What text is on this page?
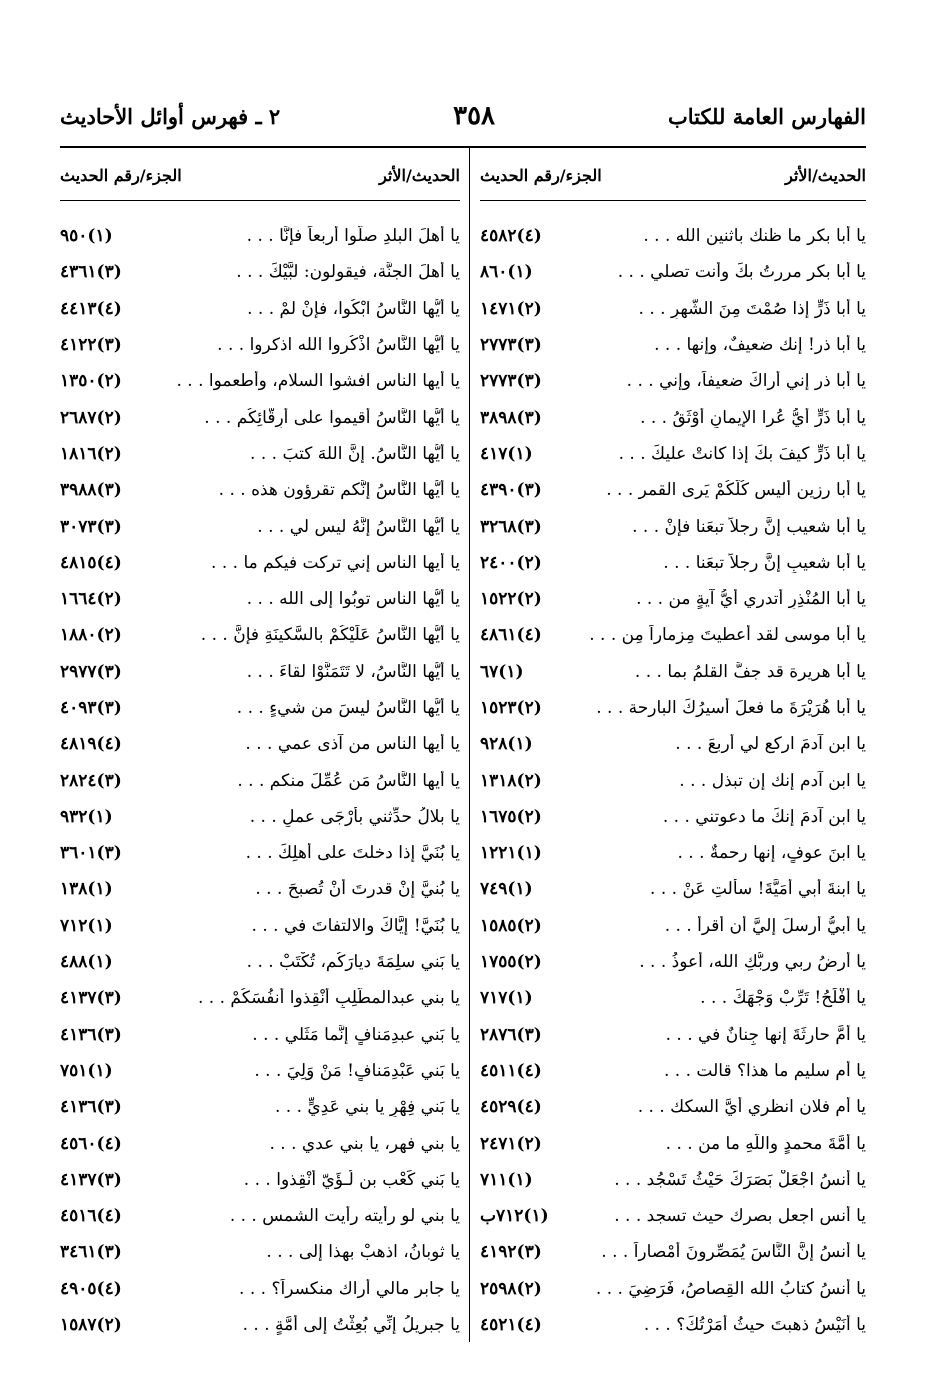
الفهارس العامة للكتاب
٣٥٨
٢ ـ فهرس أوائل الأحاديث
الحديث/الأثر
الجزء/رقم الحديث
يا أبا بكر ما ظنك باثنين الله . . .
(٤)٤٥٨٢
يا أبا بكر مررتُ بكَ وأنت تصلي . . .
(١)٨٦٠
يا أبا ذَرٍّ إذا صُمْتَ مِنَ الشَّهرِ . . .
(٢)١٤٧١
يا أبا ذر! إنك ضعيفٌ، وإنها . . .
(٣)٢٧٧٣
يا أبا ذر إني أراكَ ضعيفاً، وإني . . .
(٣)٢٧٧٣
يا أبا ذَرٍّ أيُّ عُرا الإيمانِ أَوْثَقُ . . .
(٣)٣٨٩٨
يا أبا ذَرٍّ كيفَ بكَ إذا كانتْ عليكَ . . .
(١)٤١٧
يا أبا رزين أليس كُلُّكُمْ يَرى القمر . . .
(٣)٤٣٩٠
يا أبا شعيب إنَّ رجلاً تبعَنا فإنْ . . .
(٣)٣٢٦٨
يا أبا شعيبِ إنَّ رجلاً تبعَنا . . .
(٢)٢٤٠٠
يا أبا المُنْذِرِ أتدري أيُّ آيةٍ من . . .
(٢)١٥٢٢
يا أبا موسى لقد أعطيتَ مِزماراً مِن . . .
(٤)٤٨٦١
يا أبا هريرة قد جفَّ القلمُ بما . . .
(١)٦٧
يا أبا هُرَيْرَةَ ما فعلَ أسيرُكَ البارحة . . .
(٢)١٥٢٣
يا ابن آدمَ اركع لي أربعَ . . .
(١)٩٢٨
يا ابن آدم إنك إن تبذل . . .
(٢)١٣١٨
يا ابن آدمَ إنكَ ما دعوتني . . .
(٢)١٦٧٥
يا ابنَ عوفٍ، إنها رحمةٌ . . .
(١)١٢٢١
يا ابنةَ أبي أُمَيَّةَ! سألتِ عَنْ . . .
(١)٧٤٩
يا أُبيُّ أُرسلَ إليَّ أن أقرأ . . .
(٢)١٥٨٥
يا أرضُ ربي وربُّكِ الله، أعوذُ . . .
(٢)١٧٥٥
يا أَفْلَحُ! تَرِّبْ وَجْهَكَ . . .
(١)٧١٧
يا أُمَّ حارثَةَ إنها جِنانٌ في . . .
(٣)٢٨٧٦
يا أم سليم ما هذا؟ قالت . . .
(٤)٤٥١١
يا أم فلان انظري أيَّ السكك . . .
(٤)٤٥٢٩
يا أُمَّةَ محمدٍ واللّهِ ما من . . .
(٢)٢٤٧١
يا أَنسُ اجْعَلْ بَصَرَكَ حَيْثُ تَسْجُد . . .
(١)٧١١
يا أنس اجعل بصرك حيث تسجد . . .
(١)٧١٢ب
يا أنسُ إنَّ النَّاسَ يُمَصِّرونَ أمْصاراً . . .
(٣)٤١٩٢
يا أنسُ كتابُ الله القِصاصُ، فَرَضِيَ . . .
(٢)٢٥٩٨
يا أُنَيْسُ ذهبتَ حيثُ أمَرْتُكَ؟ . . .
(٤)٤٥٢١
الحديث/الأثر
الجزء/رقم الحديث
يا أهلَ البلدِ صلُّوا أربعاً فإنَّا . . .
(١)٩٥٠
يا أهلَ الجنَّة، فيقولون: لبَّيْكَ . . .
(٣)٤٣٦١
يا أيُّها النَّاسُ ابْكُوا، فإنْ لمْ . . .
(٤)٤٤١٣
يا أيُّها النَّاسُ اذْكُروا الله اذكروا . . .
(٣)٤١٢٢
يا أيها الناس افشوا السلام، وأطعموا . . .
(٢)١٣٥٠
يا أيُّها النَّاسُ أقيموا على أَرِقَّائِكُم . . .
(٢)٢٦٨٧
يا أيُّها النَّاسُ. إنَّ اللهَ كتبَ . . .
(٢)١٨١٦
يا أيُّها النَّاسُ إنَّكم تقرؤون هذه . . .
(٣)٣٩٨٨
يا أيُّها النَّاسُ إنَّهُ ليس لي . . .
(٣)٣٠٧٣
يا أيها الناس إني تركت فيكم ما . . .
(٤)٤٨١٥
يا أيُّها الناس توبُوا إلى الله . . .
(٢)١٦٦٤
يا أيُّها النَّاسُ عَلَيْكُمْ بالسَّكينَةِ فإنَّ . . .
(٢)١٨٨٠
يا أيُّها النَّاسُ، لا تَتَمَنَّوْا لقاءَ . . .
(٣)٢٩٧٧
يا أيُّها النَّاسُ ليسَ من شيءٍ . . .
(٣)٤٠٩٣
يا أيها الناس من آذى عمي . . .
(٤)٤٨١٩
يا أيها النَّاسُ مَن عُمِّلَ منكم . . .
(٣)٢٨٢٤
يا بلالُ حدِّثني بأرْجَى عملٍ . . .
(١)٩٣٢
يا بُنَيَّ إذا دخلتَ على أهلِكَ . . .
(٣)٣٦٠١
يا بُنيَّ إنْ قدرتَ أنْ تُصبحَ . . .
(١)١٣٨
يا بُنَيَّ! إيَّاكَ والالتفاتَ في . . .
(١)٧١٢
يا بَني سلِمَةَ ديارَكُم، تُكْتَبْ . . .
(١)٤٨٨
يا بني عبدالمطَّلِبِ أنْقِذوا أنفُسَكُمْ . . .
(٣)٤١٣٧
يا بَني عبدِمَنافٍ إنَّما مَثَلي . . .
(٣)٤١٣٦
يا بَني عَبْدِمَنافٍ! مَنْ وَلِيَ . . .
(١)٧٥١
يا بَني فِهْرٍ يا بني عَدِيٍّ . . .
(٣)٤١٣٦
يا بني فهر، يا بني عدي . . .
(٤)٤٥٦٠
يا بَني كَعْب بن لُـؤَيّ أَنْقِذوا . . .
(٣)٤١٣٧
يا بني لو رأيته رأيت الشمس . . .
(٤)٤٥١٦
يا ثوبانُ، اذهبْ بهذا إلى . . .
(٣)٣٤٦١
يا جابر مالي أراك منكسراً؟ . . .
(٤)٤٩٠٥
يا جبريلُ إنِّي بُعِثْتُ إلى أُمَّةٍ . . .
(٢)١٥٨٧
